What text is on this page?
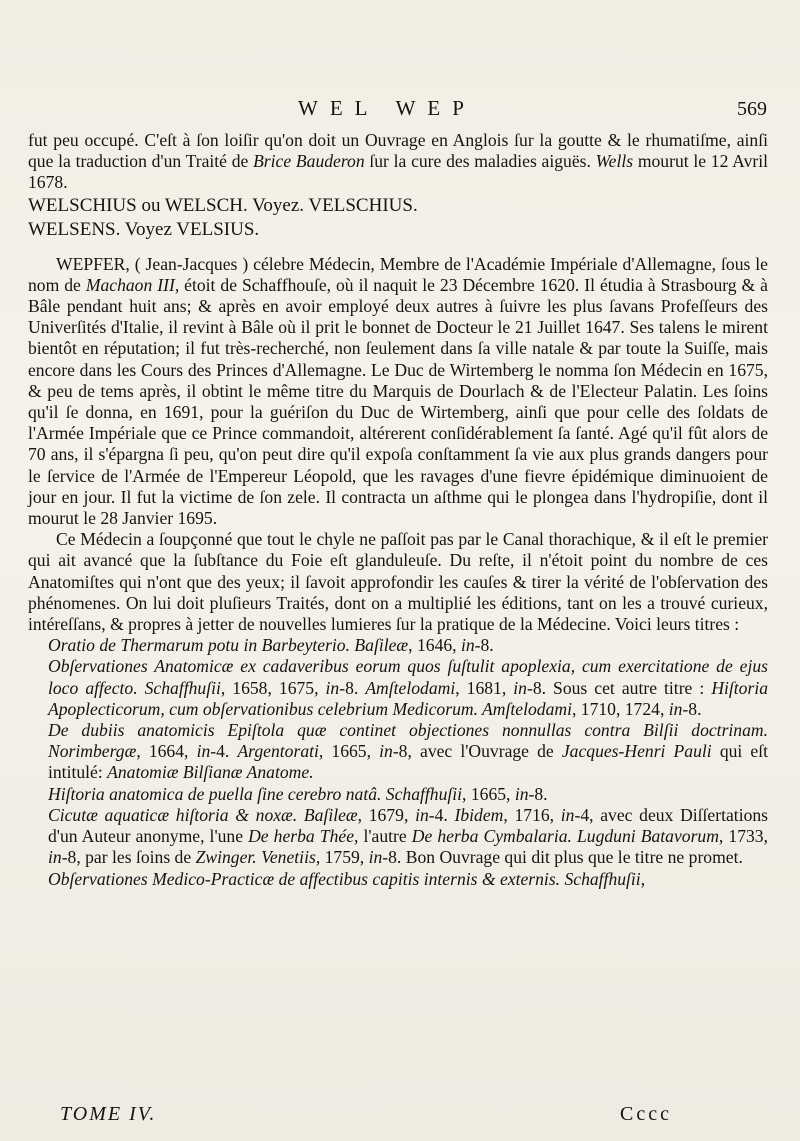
WEL WEP	569

fut peu occupé. C'eſt à ſon loiſir qu'on doit un Ouvrage en Anglois ſur la goutte & le rhumatiſme, ainſi que la traduction d'un Traité de Brice Bauderon ſur la cure des maladies aiguës. Wells mourut le 12 Avril 1678.

WELSCHIUS ou WELSCH. Voyez. VELSCHIUS.

WELSENS. Voyez VELSIUS.

WEPFER, ( Jean-Jacques ) célebre Médecin, Membre de l'Académie Impériale d'Allemagne, ſous le nom de Machaon III, étoit de Schaffhouſe, où il naquit le 23 Décembre 1620. Il étudia à Strasbourg & à Bâle pendant huit ans; & après en avoir employé deux autres à ſuivre les plus ſavans Profeſſeurs des Univerſités d'Italie, il revint à Bâle où il prit le bonnet de Docteur le 21 Juillet 1647. Ses talens le mirent bientôt en réputation; il fut très-recherché, non ſeulement dans ſa ville natale & par toute la Suiſſe, mais encore dans les Cours des Princes d'Allemagne. Le Duc de Wirtemberg le nomma ſon Médecin en 1675, & peu de tems après, il obtint le même titre du Marquis de Dourlach & de l'Electeur Palatin. Les ſoins qu'il ſe donna, en 1691, pour la guériſon du Duc de Wirtemberg, ainſi que pour celle des ſoldats de l'Armée Impériale que ce Prince commandoit, altérerent conſidérablement ſa ſanté. Agé qu'il fût alors de 70 ans, il s'épargna ſi peu, qu'on peut dire qu'il expoſa conſtamment ſa vie aux plus grands dangers pour le ſervice de l'Armée de l'Empereur Léopold, que les ravages d'une fievre épidémique diminuoient de jour en jour. Il fut la victime de ſon zele. Il contracta un aſthme qui le plongea dans l'hydropiſie, dont il mourut le 28 Janvier 1695.

Ce Médecin a ſoupçonné que tout le chyle ne paſſoit pas par le Canal thorachique, & il eſt le premier qui ait avancé que la ſubſtance du Foie eſt glanduleuſe. Du reſte, il n'étoit point du nombre de ces Anatomiſtes qui n'ont que des yeux; il ſavoit approfondir les cauſes & tirer la vérité de l'obſervation des phénomenes. On lui doit pluſieurs Traités, dont on a multiplié les éditions, tant on les a trouvé curieux, intéreſſans, & propres à jetter de nouvelles lumieres ſur la pratique de la Médecine. Voici leurs titres :

Oratio de Thermarum potu in Barbeyterio. Baſileæ, 1646, in-8.

Obſervationes Anatomicæ ex cadaveribus eorum quos ſuſtulit apoplexia, cum exercitatione de ejus loco affecto. Schaffhuſii, 1658, 1675, in-8. Amſtelodami, 1681, in-8. Sous cet autre titre : Hiſtoria Apoplecticorum, cum obſervationibus celebrium Medicorum. Amſtelodami, 1710, 1724, in-8.

De dubiis anatomicis Epiſtola quæ continet objectiones nonnullas contra Bilſii doctrinam. Norimbergæ, 1664, in-4. Argentorati, 1665, in-8, avec l'Ouvrage de Jacques-Henri Pauli qui eſt intitulé: Anatomiæ Bilſianæ Anatome.

Hiſtoria anatomica de puella ſine cerebro natâ. Schaffhuſii, 1665, in-8.

Cicutæ aquaticæ hiſtoria & noxæ. Baſileæ, 1679, in-4. Ibidem, 1716, in-4, avec deux Diſſertations d'un Auteur anonyme, l'une De herba Thée, l'autre De herba Cymbalaria. Lugduni Batavorum, 1733, in-8, par les ſoins de Zwinger. Venetiis, 1759, in-8. Bon Ouvrage qui dit plus que le titre ne promet.

Obſervationes Medico-Practicæ de affectibus capitis internis & externis. Schaffhuſii,

TOME IV.	Cccc
